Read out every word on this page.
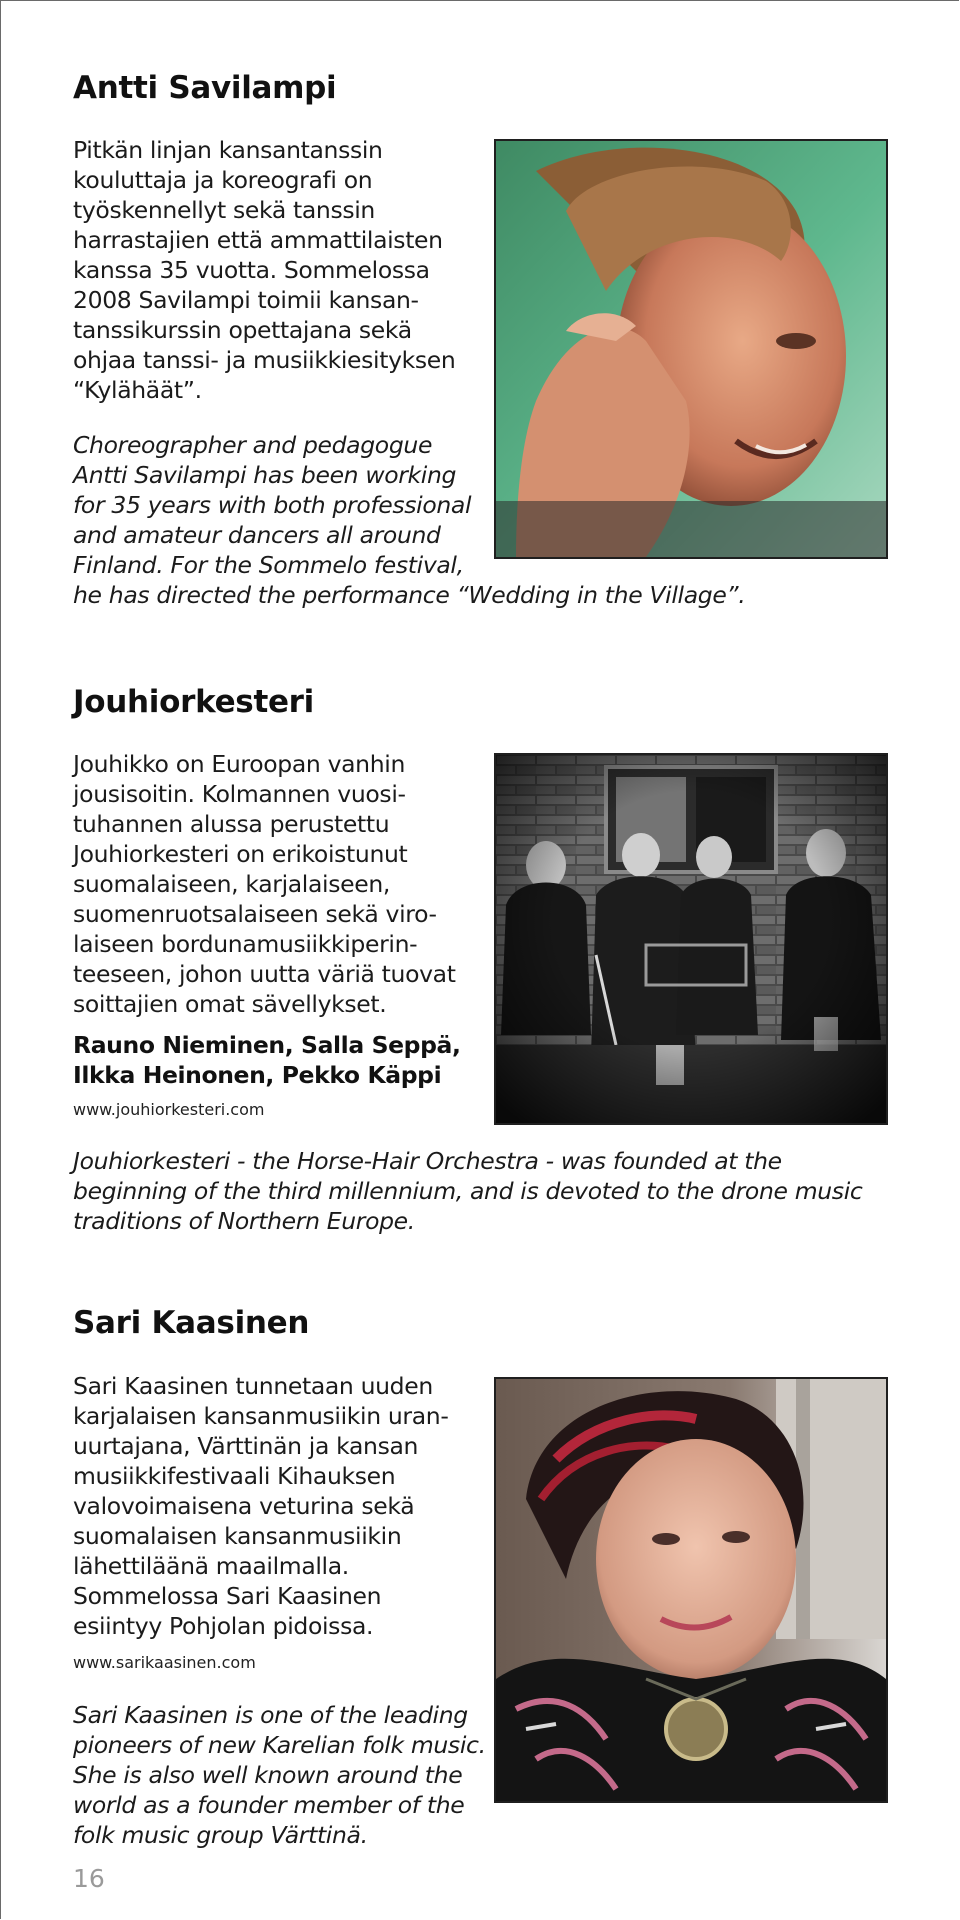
Antti Savilampi
Pitkän linjan kansantanssin
kouluttaja ja koreografi on
työskennellyt sekä tanssin
harrastajien että ammattilaisten
kanssa 35 vuotta. Sommelossa
2008 Savilampi toimii kansan-
tanssikurssin opettajana sekä
ohjaa tanssi- ja musiikkiesityksen
“Kylähäät”.
Choreographer and pedagogue
Antti Savilampi has been working
for 35 years with both professional
and amateur dancers all around
Finland. For the Sommelo festival,
he has directed the performance “Wedding in the Village”.
Jouhiorkesteri
Jouhikko on Euroopan vanhin
jousisoitin. Kolmannen vuosi-
tuhannen alussa perustettu
Jouhiorkesteri on erikoistunut
suomalaiseen, karjalaiseen,
suomenruotsalaiseen sekä viro-
laiseen bordunamusiikkiperin-
teeseen, johon uutta väriä tuovat
soittajien omat sävellykset.
Rauno Nieminen, Salla Seppä,
Ilkka Heinonen, Pekko Käppi
www.jouhiorkesteri.com
Jouhiorkesteri - the Horse-Hair Orchestra - was founded at the beginning of the third millennium, and is devoted to the drone music traditions of Northern Europe.
Sari Kaasinen
Sari Kaasinen tunnetaan uuden
karjalaisen kansanmusiikin uran-
uurtajana, Värttinän ja kansan
musiikkifestivaali Kihauksen
valovoimaisena veturina sekä
suomalaisen kansanmusiikin
lähettiläänä maailmalla.
Sommelossa Sari Kaasinen
esiintyy Pohjolan pidoissa.
www.sarikaasinen.com
Sari Kaasinen is one of the leading
pioneers of new Karelian folk music.
She is also well known around the
world as a founder member of the
folk music group Värttinä.
16
